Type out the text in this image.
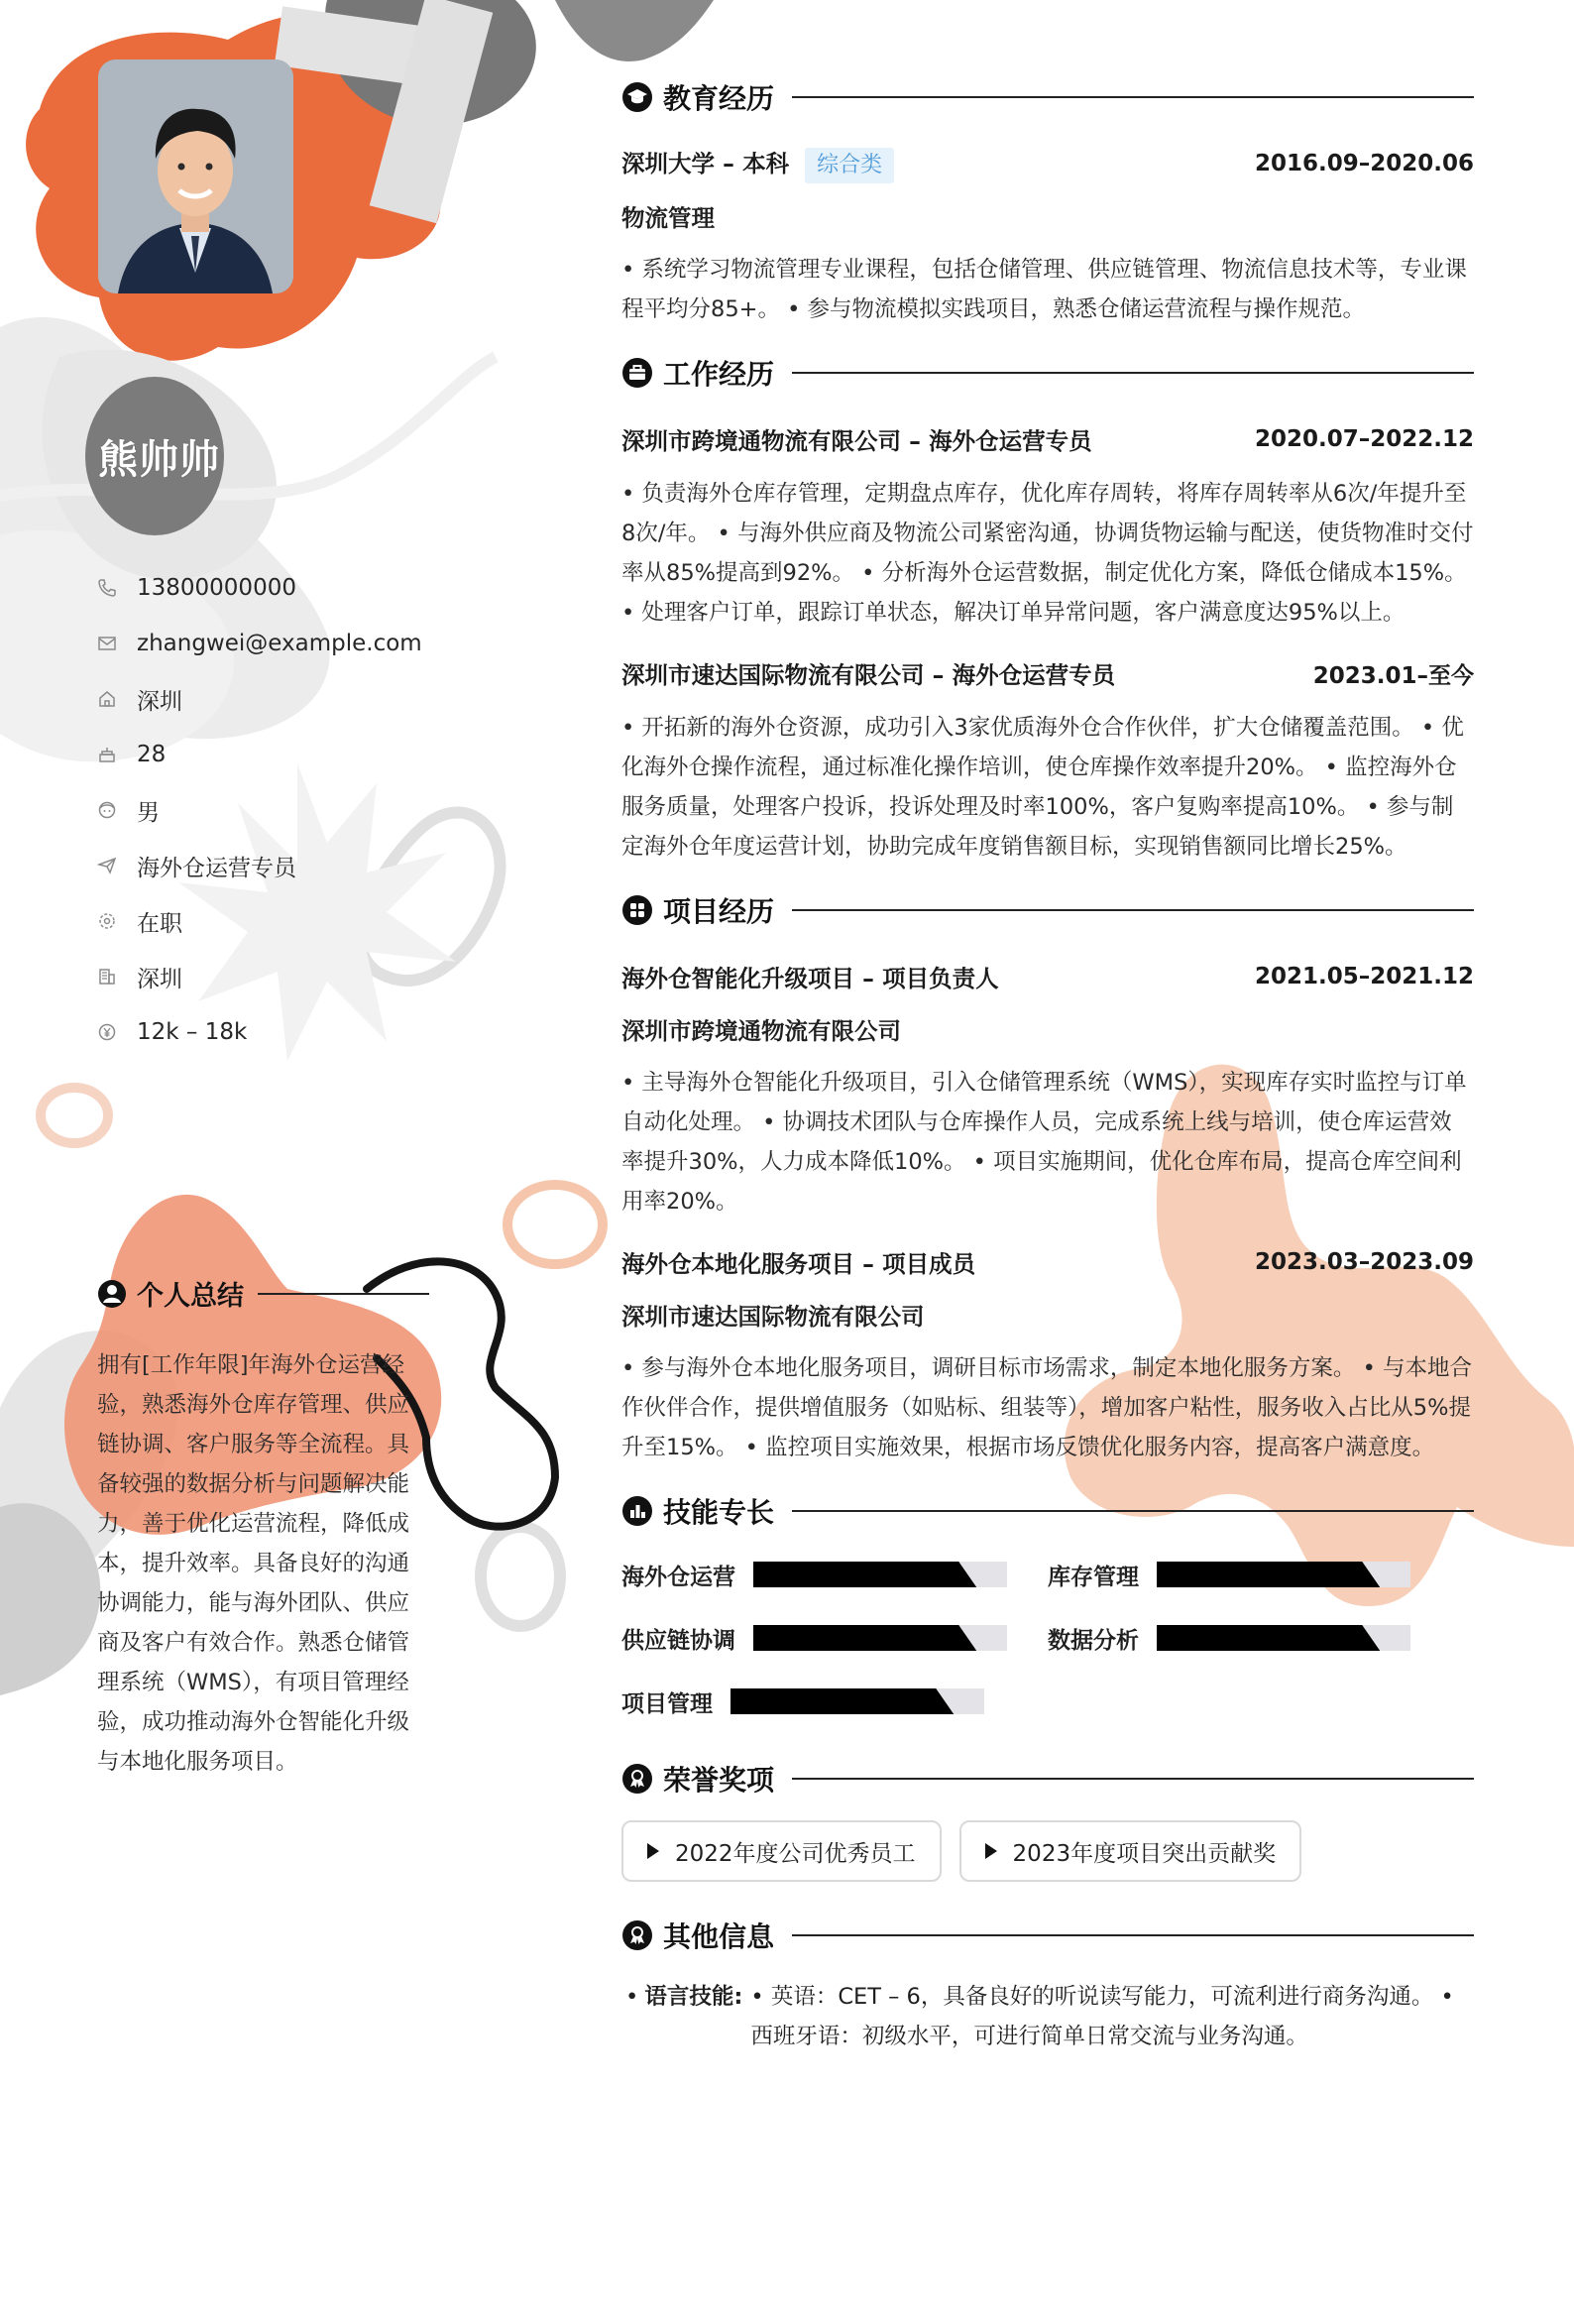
熊帅帅
13800000000
zhangwei@example.com
深圳
28
男
海外仓运营专员
在职
深圳
12k – 18k
个人总结
拥有[工作年限]年海外仓运营经验，熟悉海外仓库存管理、供应链协调、客户服务等全流程。具备较强的数据分析与问题解决能力，善于优化运营流程，降低成本，提升效率。具备良好的沟通协调能力，能与海外团队、供应商及客户有效合作。熟悉仓储管理系统（WMS），有项目管理经验，成功推动海外仓智能化升级与本地化服务项目。
教育经历
深圳大学 – 本科 综合类	2016.09–2020.06
物流管理
• 系统学习物流管理专业课程，包括仓储管理、供应链管理、物流信息技术等，专业课程平均分85+。 • 参与物流模拟实践项目，熟悉仓储运营流程与操作规范。
工作经历
深圳市跨境通物流有限公司 – 海外仓运营专员	2020.07–2022.12
• 负责海外仓库存管理，定期盘点库存，优化库存周转，将库存周转率从6次/年提升至8次/年。 • 与海外供应商及物流公司紧密沟通，协调货物运输与配送，使货物准时交付率从85%提高到92%。 • 分析海外仓运营数据，制定优化方案，降低仓储成本15%。 • 处理客户订单，跟踪订单状态，解决订单异常问题，客户满意度达95%以上。
深圳市速达国际物流有限公司 – 海外仓运营专员	2023.01–至今
• 开拓新的海外仓资源，成功引入3家优质海外仓合作伙伴，扩大仓储覆盖范围。 • 优化海外仓操作流程，通过标准化操作培训，使仓库操作效率提升20%。 • 监控海外仓服务质量，处理客户投诉，投诉处理及时率100%，客户复购率提高10%。 • 参与制定海外仓年度运营计划，协助完成年度销售额目标，实现销售额同比增长25%。
项目经历
海外仓智能化升级项目 – 项目负责人	2021.05–2021.12
深圳市跨境通物流有限公司
• 主导海外仓智能化升级项目，引入仓储管理系统（WMS），实现库存实时监控与订单自动化处理。 • 协调技术团队与仓库操作人员，完成系统上线与培训，使仓库运营效率提升30%，人力成本降低10%。 • 项目实施期间，优化仓库布局，提高仓库空间利用率20%。
海外仓本地化服务项目 – 项目成员	2023.03–2023.09
深圳市速达国际物流有限公司
• 参与海外仓本地化服务项目，调研目标市场需求，制定本地化服务方案。 • 与本地合作伙伴合作，提供增值服务（如贴标、组装等），增加客户粘性，服务收入占比从5%提升至15%。 • 监控项目实施效果，根据市场反馈优化服务内容，提高客户满意度。
技能专长
海外仓运营	库存管理
供应链协调	数据分析
项目管理
荣誉奖项
2022年度公司优秀员工	2023年度项目突出贡献奖
其他信息
• 语言技能: • 英语：CET – 6，具备良好的听说读写能力，可流利进行商务沟通。 • 西班牙语：初级水平，可进行简单日常交流与业务沟通。
